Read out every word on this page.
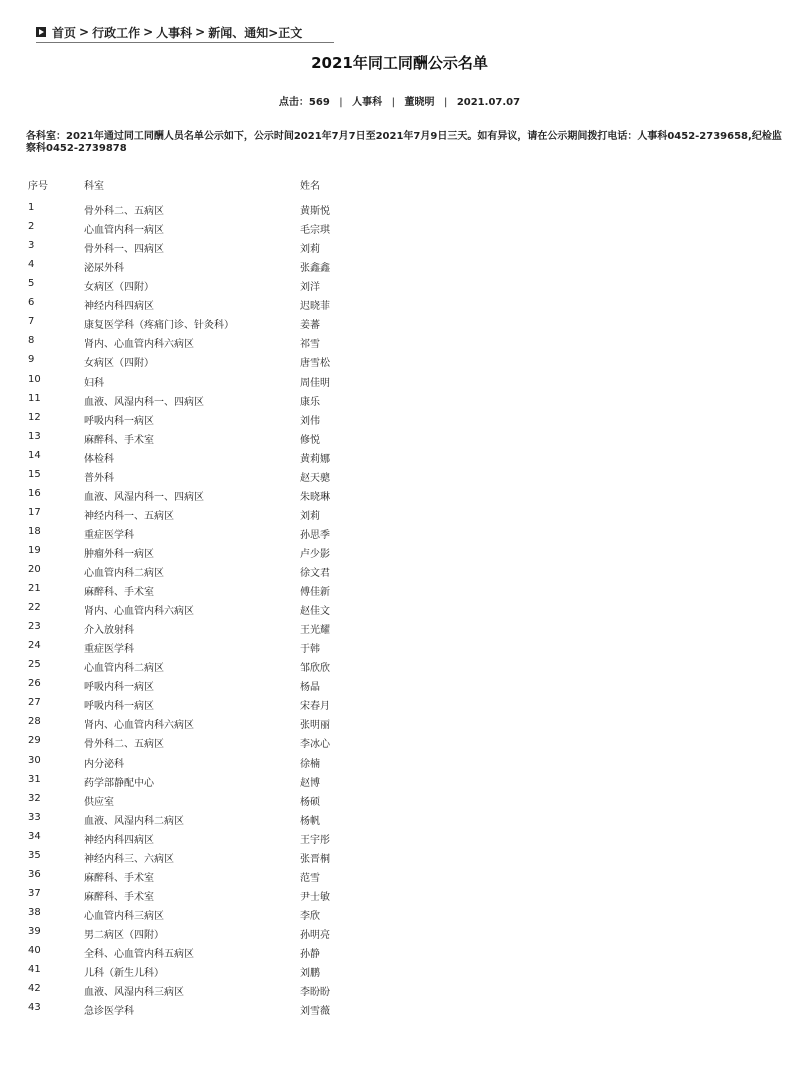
首页 > 行政工作 > 人事科 > 新闻、通知>正文
2021年同工同酬公示名单
点击：569 | 人事科 | 董晓明 | 2021.07.07
各科室：2021年通过同工同酬人员名单公示如下，公示时间2021年7月7日至2021年7月9日三天。如有异议，请在公示期间拨打电话：人事科0452-2739658,纪检监察科0452-2739878
序号	科室	姓名
1	骨外科二、五病区	黄斯悦
2	心血管内科一病区	毛宗琪
3	骨外科一、四病区	刘莉
4	泌尿外科	张鑫鑫
5	女病区（四附）	刘洋
6	神经内科四病区	迟晓菲
7	康复医学科（疼痛门诊、针灸科）	姜蕃
8	肾内、心血管内科六病区	祁雪
9	女病区（四附）	唐雪松
10	妇科	周佳明
11	血液、风湿内科一、四病区	康乐
12	呼吸内科一病区	刘伟
13	麻醉科、手术室	修悦
14	体检科	黄莉娜
15	普外科	赵天骢
16	血液、风湿内科一、四病区	朱晓琳
17	神经内科一、五病区	刘莉
18	重症医学科	孙思季
19	肿瘤外科一病区	卢少影
20	心血管内科二病区	徐文君
21	麻醉科、手术室	傅佳新
22	肾内、心血管内科六病区	赵佳文
23	介入放射科	王光耀
24	重症医学科	于韩
25	心血管内科二病区	邹欣欣
26	呼吸内科一病区	杨晶
27	呼吸内科一病区	宋春月
28	肾内、心血管内科六病区	张明丽
29	骨外科二、五病区	李冰心
30	内分泌科	徐楠
31	药学部静配中心	赵博
32	供应室	杨硕
33	血液、风湿内科二病区	杨帆
34	神经内科四病区	王宇彤
35	神经内科三、六病区	张晋桐
36	麻醉科、手术室	范雪
37	麻醉科、手术室	尹士敏
38	心血管内科三病区	李欣
39	男二病区（四附）	孙明亮
40	全科、心血管内科五病区	孙静
41	儿科（新生儿科）	刘鹏
42	血液、风湿内科三病区	李盼盼
43	急诊医学科	刘雪薇
